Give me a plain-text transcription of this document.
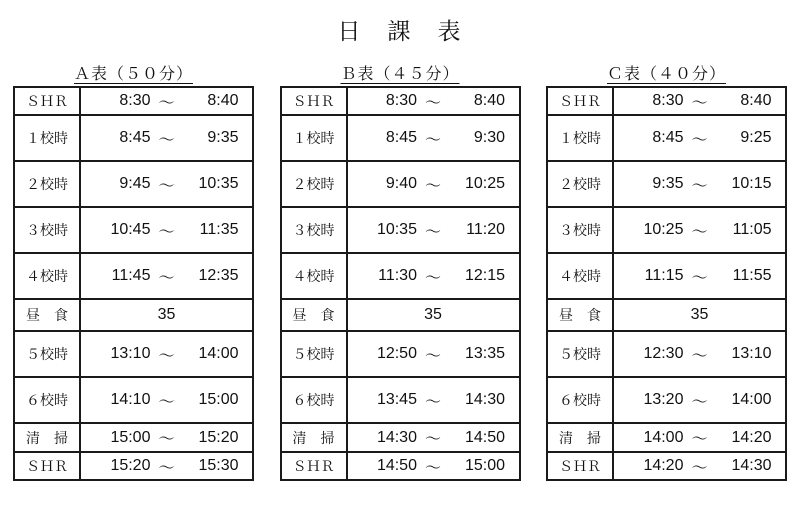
日　課　表
Ａ表（５０分）
ＳＨＲ	8:30 ～	8:40
１校時	8:45 ～	9:35
２校時	9:45 ～	10:35
３校時	10:45 ～	11:35
４校時	11:45 ～	12:35
昼　食	35
５校時	13:10 ～	14:00
６校時	14:10 ～	15:00
清　掃	15:00 ～	15:20
ＳＨＲ	15:20 ～	15:30
Ｂ表（４５分）
ＳＨＲ	8:30 ～	8:40
１校時	8:45 ～	9:30
２校時	9:40 ～	10:25
３校時	10:35 ～	11:20
４校時	11:30 ～	12:15
昼　食	35
５校時	12:50 ～	13:35
６校時	13:45 ～	14:30
清　掃	14:30 ～	14:50
ＳＨＲ	14:50 ～	15:00
Ｃ表（４０分）
ＳＨＲ	8:30 ～	8:40
１校時	8:45 ～	9:25
２校時	9:35 ～	10:15
３校時	10:25 ～	11:05
４校時	11:15 ～	11:55
昼　食	35
５校時	12:30 ～	13:10
６校時	13:20 ～	14:00
清　掃	14:00 ～	14:20
ＳＨＲ	14:20 ～	14:30
